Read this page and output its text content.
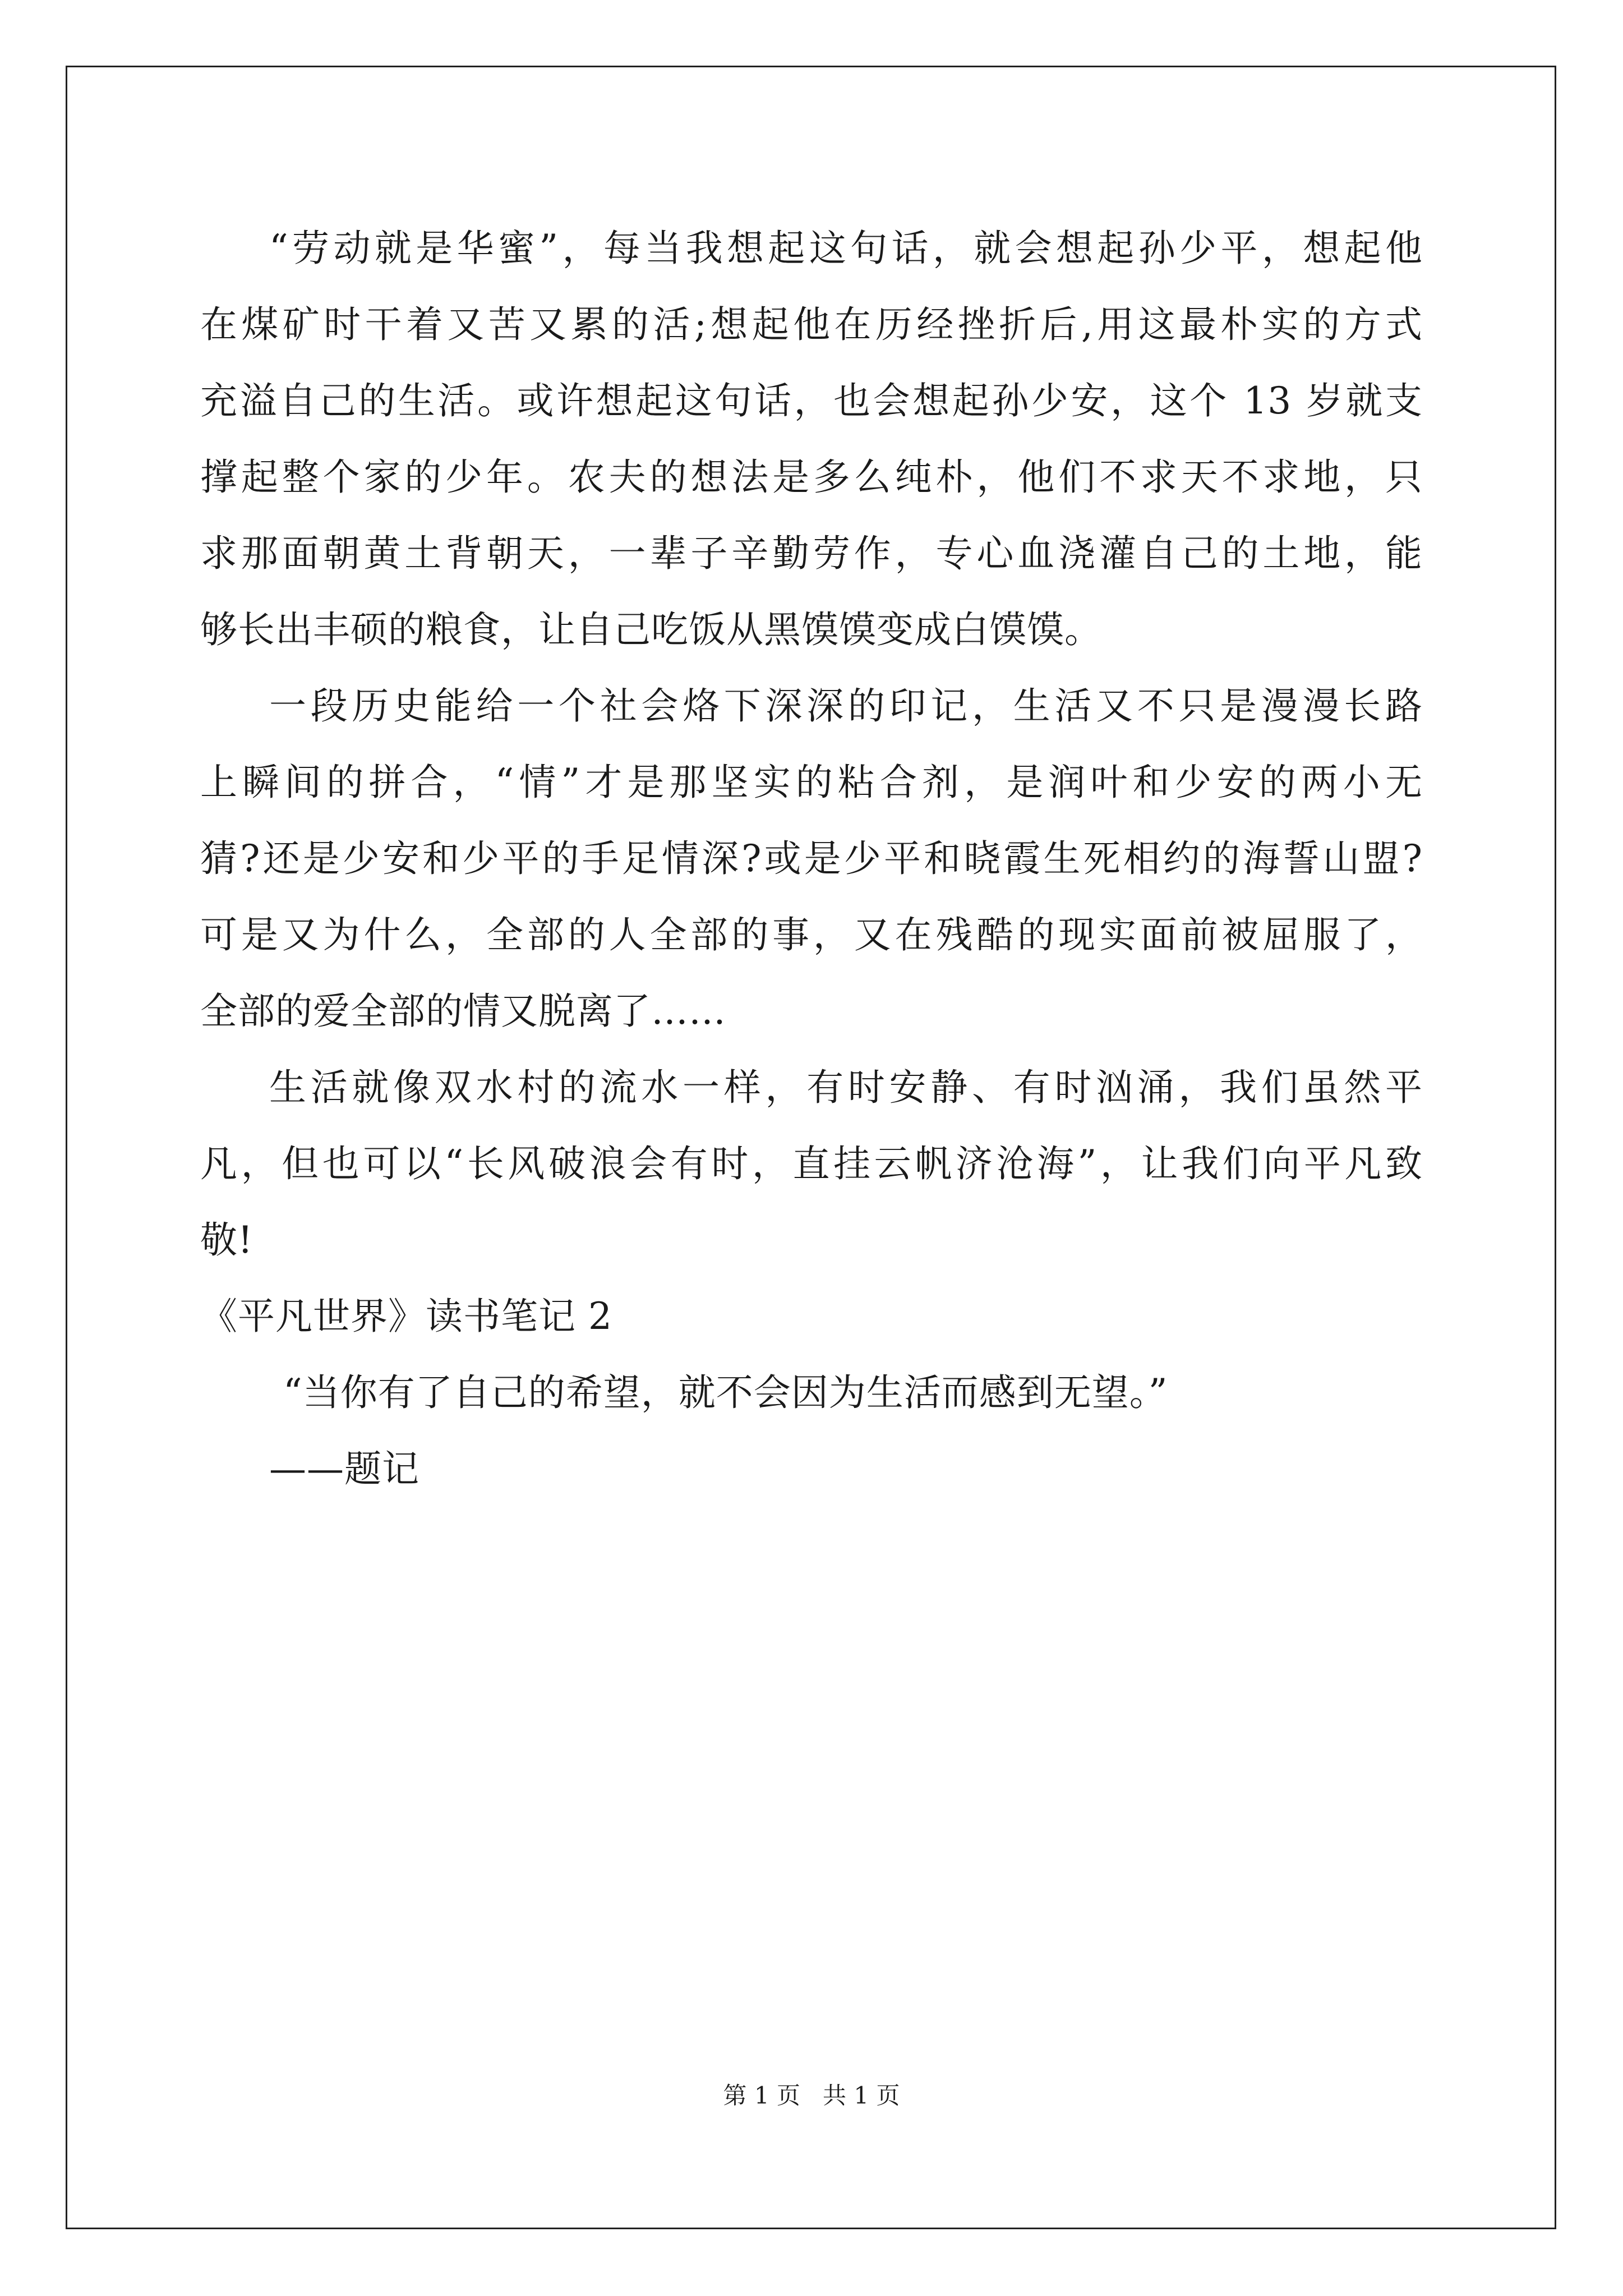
“劳动就是华蜜”，每当我想起这句话，就会想起孙少平，想起他
在煤矿时干着又苦又累的活;想起他在历经挫折后,用这最朴实的方式
充溢自己的生活。或许想起这句话，也会想起孙少安，这个 13 岁就支
撑起整个家的少年。农夫的想法是多么纯朴，他们不求天不求地，只
求那面朝黄土背朝天，一辈子辛勤劳作，专心血浇灌自己的土地，能
够长出丰硕的粮食，让自己吃饭从黑馍馍变成白馍馍。
一段历史能给一个社会烙下深深的印记，生活又不只是漫漫长路
上瞬间的拼合，“情”才是那坚实的粘合剂，是润叶和少安的两小无
猜?还是少安和少平的手足情深?或是少平和晓霞生死相约的海誓山盟?
可是又为什么，全部的人全部的事，又在残酷的现实面前被屈服了，
全部的爱全部的情又脱离了……
生活就像双水村的流水一样，有时安静、有时汹涌，我们虽然平
凡，但也可以“长风破浪会有时，直挂云帆济沧海”，让我们向平凡致
敬!
《平凡世界》读书笔记 2
“当你有了自己的希望，就不会因为生活而感到无望。”
——题记
第 1 页   共 1 页
